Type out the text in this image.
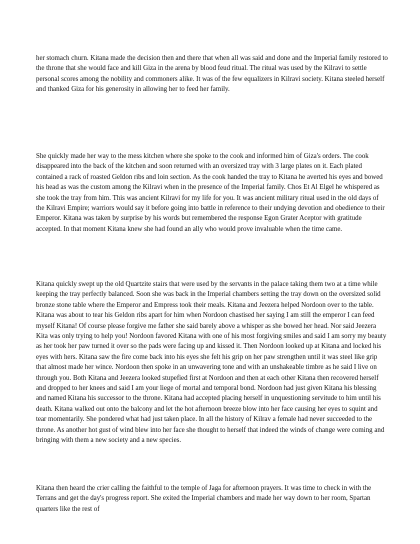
her stomach churn. Kitana made the decision then and there that when all was said and done and the Imperial family restored to the throne that she would face and kill Giza in the arena by blood feud ritual. The ritual was used by the Kilravi to settle personal scores among the nobility and commoners alike. It was of the few equalizers in Kilravi society. Kitana steeled herself and thanked Giza for his generosity in allowing her to feed her family.

She quickly made her way to the mess kitchen where she spoke to the cook and informed him of Giza's orders. The cook disappeared into the back of the kitchen and soon returned with an oversized tray with 3 large plates on it. Each plated contained a rack of roasted Geldon ribs and loin section. As the cook handed the tray to Kitana he averted his eyes and bowed his head as was the custom among the Kilravi when in the presence of the Imperial family. Chos Et Al Elgel he whispered as she took the tray from him. This was ancient Kilravi for my life for you. It was ancient military ritual used in the old days of the Kilravi Empire; warriors would say it before going into battle in reference to their undying devotion and obedience to their Emperor. Kitana was taken by surprise by his words but remembered the response Egon Grater Aceptor with gratitude accepted. In that moment Kitana knew she had found an ally who would prove invaluable when the time came.

Kitana quickly swept up the old Quartzite stairs that were used by the servants in the palace taking them two at a time while keeping the tray perfectly balanced. Soon she was back in the Imperial chambers setting the tray down on the oversized solid bronze stone table where the Emperor and Empress took their meals. Kitana and Jeezera helped Nordoon over to the table. Kitana was about to tear his Geldon ribs apart for him when Nordoon chastised her saying I am still the emperor I can feed myself Kitana! Of course please forgive me father she said barely above a whisper as she bowed her head. Nor said Jeezera Kita was only trying to help you! Nordoon favored Kitana with one of his most forgiving smiles and said I am sorry my beauty as her took her paw turned it over so the pads were facing up and kissed it. Then Nordoon looked up at Kitana and locked his eyes with hers. Kitana saw the fire come back into his eyes she felt his grip on her paw strengthen until it was steel like grip that almost made her wince. Nordoon then spoke in an unwavering tone and with an unshakeable timbre as he said I live on through you. Both Kitana and Jeezera looked stupefied first at Nordoon and then at each other Kitana then recovered herself and dropped to her knees and said I am your liege of mortal and temporal bond. Nordoon had just given Kitana his blessing and named Kitana his successor to the throne. Kitana had accepted placing herself in unquestioning servitude to him until his death. Kitana walked out onto the balcony and let the hot afternoon breeze blow into her face causing her eyes to squint and tear momentarily. She pondered what had just taken place. In all the history of Kilrav a female had never succeeded to the throne. As another hot gust of wind blew into her face she thought to herself that indeed the winds of change were coming and bringing with them a new society and a new species.

Kitana then heard the crier calling the faithful to the temple of Jaga for afternoon prayers. It was time to check in with the Terrans and get the day's progress report. She exited the Imperial chambers and made her way down to her room, Spartan quarters like the rest of
